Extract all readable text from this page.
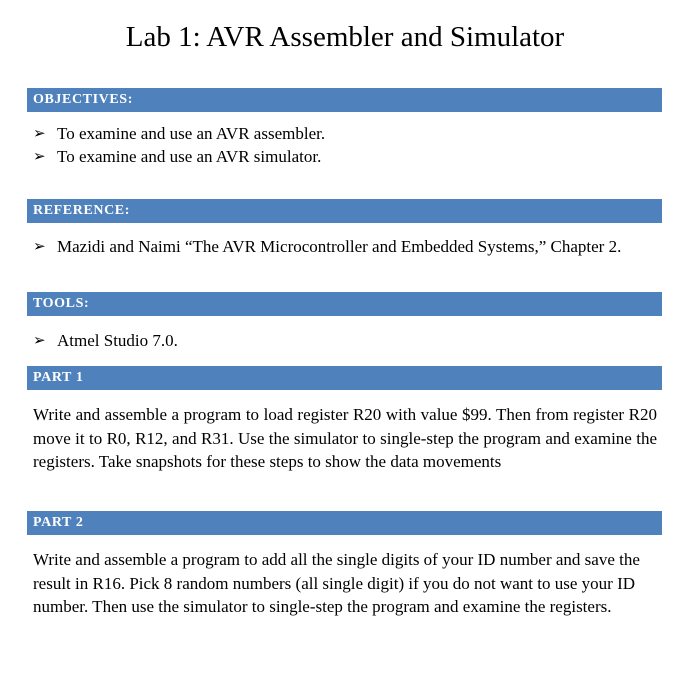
Lab 1: AVR Assembler and Simulator
OBJECTIVES:
➢ To examine and use an AVR assembler.
➢ To examine and use an AVR simulator.
REFERENCE:
➢ Mazidi and Naimi “The AVR Microcontroller and Embedded Systems,” Chapter 2.
TOOLS:
➢ Atmel Studio 7.0.
PART 1

Write and assemble a program to load register R20 with value $99. Then from register R20 move it to R0, R12, and R31. Use the simulator to single-step the program and examine the registers. Take snapshots for these steps to show the data movements

PART 2

Write and assemble a program to add all the single digits of your ID number and save the result in R16. Pick 8 random numbers (all single digit) if you do not want to use your ID number. Then use the simulator to single-step the program and examine the registers.
